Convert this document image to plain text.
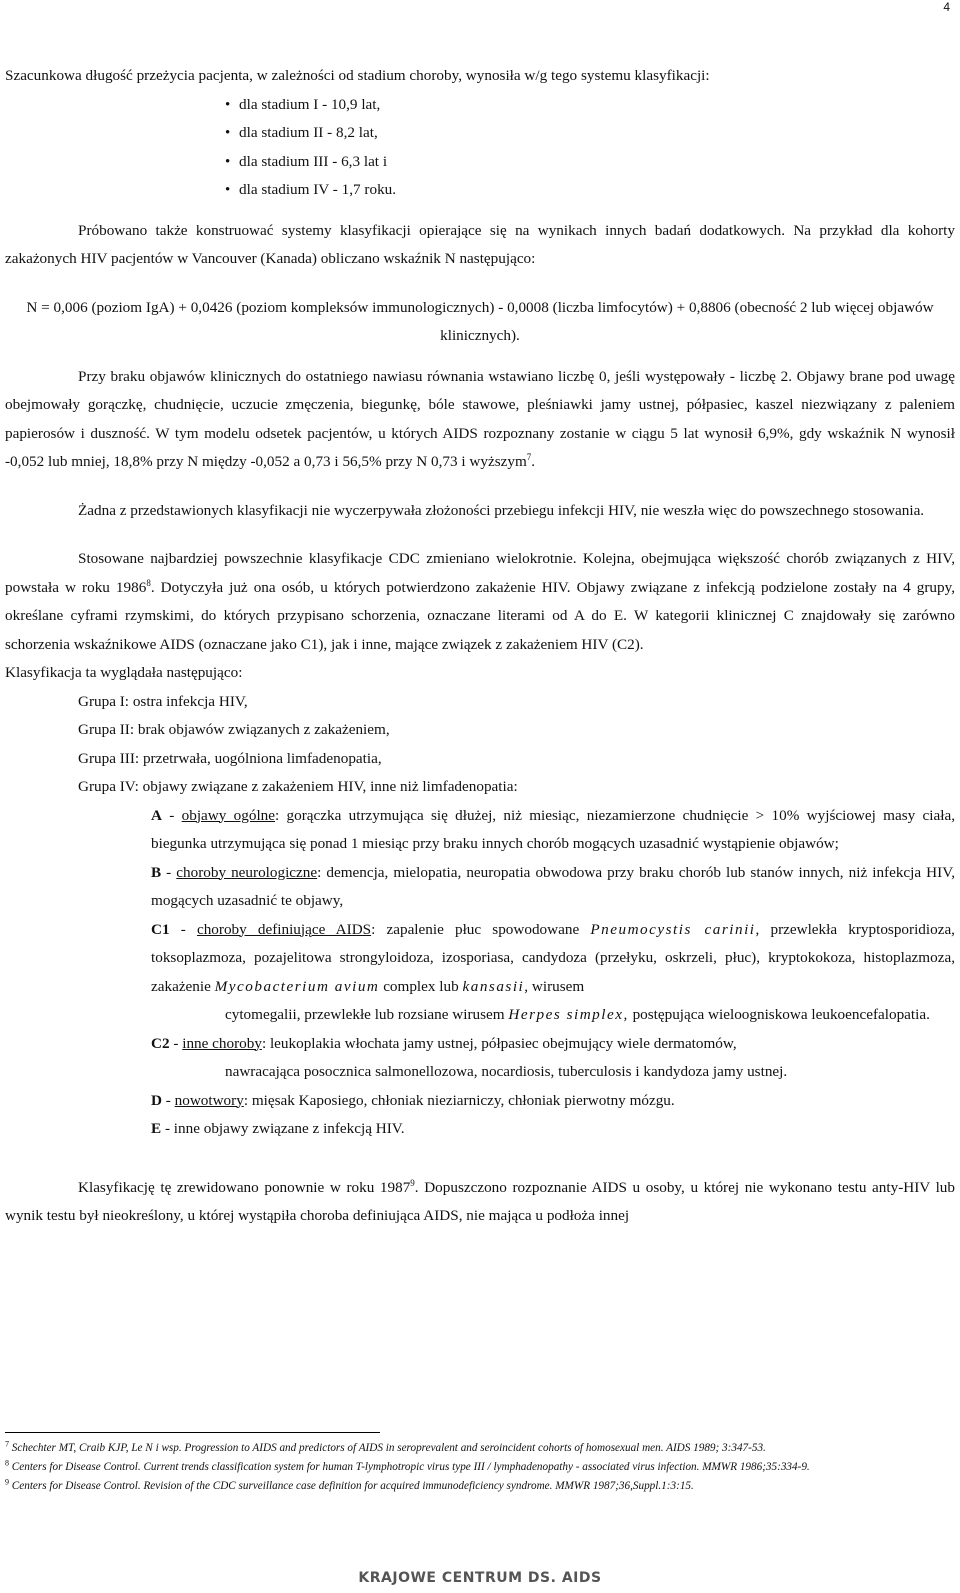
4

Szacunkowa długość przeżycia pacjenta, w zależności od stadium choroby, wynosiła w/g tego systemu klasyfikacji:

• dla stadium I - 10,9 lat,
• dla stadium II - 8,2 lat,
• dla stadium III - 6,3 lat i
• dla stadium IV - 1,7 roku.

Próbowano także konstruować systemy klasyfikacji opierające się na wynikach innych badań dodatkowych. Na przykład dla kohorty zakażonych HIV pacjentów w Vancouver (Kanada) obliczano wskaźnik N następująco:

N = 0,006 (poziom IgA) + 0,0426 (poziom kompleksów immunologicznych) - 0,0008 (liczba limfocytów) + 0,8806 (obecność 2 lub więcej objawów klinicznych).

Przy braku objawów klinicznych do ostatniego nawiasu równania wstawiano liczbę 0, jeśli występowały - liczbę 2. Objawy brane pod uwagę obejmowały gorączkę, chudnięcie, uczucie zmęczenia, biegunkę, bóle stawowe, pleśniawki jamy ustnej, półpasiec, kaszel niezwiązany z paleniem papierosów i duszność. W tym modelu odsetek pacjentów, u których AIDS rozpoznany zostanie w ciągu 5 lat wynosił 6,9%, gdy wskaźnik N wynosił -0,052 lub mniej, 18,8% przy N między -0,052 a 0,73 i 56,5% przy N 0,73 i wyższym$^7$.

Żadna z przedstawionych klasyfikacji nie wyczerpywała złożoności przebiegu infekcji HIV, nie weszła więc do powszechnego stosowania.

Stosowane najbardziej powszechnie klasyfikacje CDC zmieniano wielokrotnie. Kolejna, obejmująca większość chorób związanych z HIV, powstała w roku 1986$^8$. Dotyczyła już ona osób, u których potwierdzono zakażenie HIV. Objawy związane z infekcją podzielone zostały na 4 grupy, określane cyframi rzymskimi, do których przypisano schorzenia, oznaczane literami od A do E. W kategorii klinicznej C znajdowały się zarówno schorzenia wskaźnikowe AIDS (oznaczane jako C1), jak i inne, mające związek z zakażeniem HIV (C2).

Klasyfikacja ta wyglądała następująco:

Grupa I: ostra infekcja HIV,

Grupa II: brak objawów związanych z zakażeniem,

Grupa III: przetrwała, uogólniona limfadenopatia,

Grupa IV: objawy związane z zakażeniem HIV, inne niż limfadenopatia:

A - objawy ogólne: gorączka utrzymująca się dłużej, niż miesiąc, niezamierzone chudnięcie > 10% wyjściowej masy ciała, biegunka utrzymująca się ponad 1 miesiąc przy braku innych chorób mogących uzasadnić wystąpienie objawów;

B - choroby neurologiczne: demencja, mielopatia, neuropatia obwodowa przy braku chorób lub stanów innych, niż infekcja HIV, mogących uzasadnić te objawy,

C1 - choroby definiujące AIDS: zapalenie płuc spowodowane Pneumocystis carinii, przewlekła kryptosporidioza, toksoplazmoza, pozajelitowa strongyloidoza, izosporiasa, candydoza (przełyku, oskrzeli, płuc), kryptokokoza, histoplazmoza, zakażenie Mycobacterium avium complex lub kansasii, wirusem

cytomegalii, przewlekłe lub rozsiane wirusem Herpes simplex, postępująca wieloogniskowa leukoencefalopatia.

C2 - inne choroby: leukoplakia włochata jamy ustnej, półpasiec obejmujący wiele dermatomów,

nawracająca posocznica salmonellozowa, nocardiosis, tuberculosis i kandydoza jamy ustnej.

D - nowotwory: mięsak Kaposiego, chłoniak nieziarniczy, chłoniak pierwotny mózgu.

E - inne objawy związane z infekcją HIV.

Klasyfikację tę zrewidowano ponownie w roku 1987$^9$. Dopuszczono rozpoznanie AIDS u osoby, u której nie wykonano testu anty-HIV lub wynik testu był nieokreślony, u której wystąpiła choroba definiująca AIDS, nie mająca u podłoża innej

$^7$ Schechter MT, Craib KJP, Le N i wsp. Progression to AIDS and predictors of AIDS in seroprevalent and seroincident cohorts of homosexual men. AIDS 1989; 3:347-53.

$^8$ Centers for Disease Control. Current trends classification system for human T-lymphotropic virus type III / lymphadenopathy - associated virus infection. MMWR 1986;35:334-9.

$^9$ Centers for Disease Control. Revision of the CDC surveillance case definition for acquired immunodeficiency syndrome. MMWR 1987;36,Suppl.1:3:15.

KRAJOWE CENTRUM DS. AIDS
